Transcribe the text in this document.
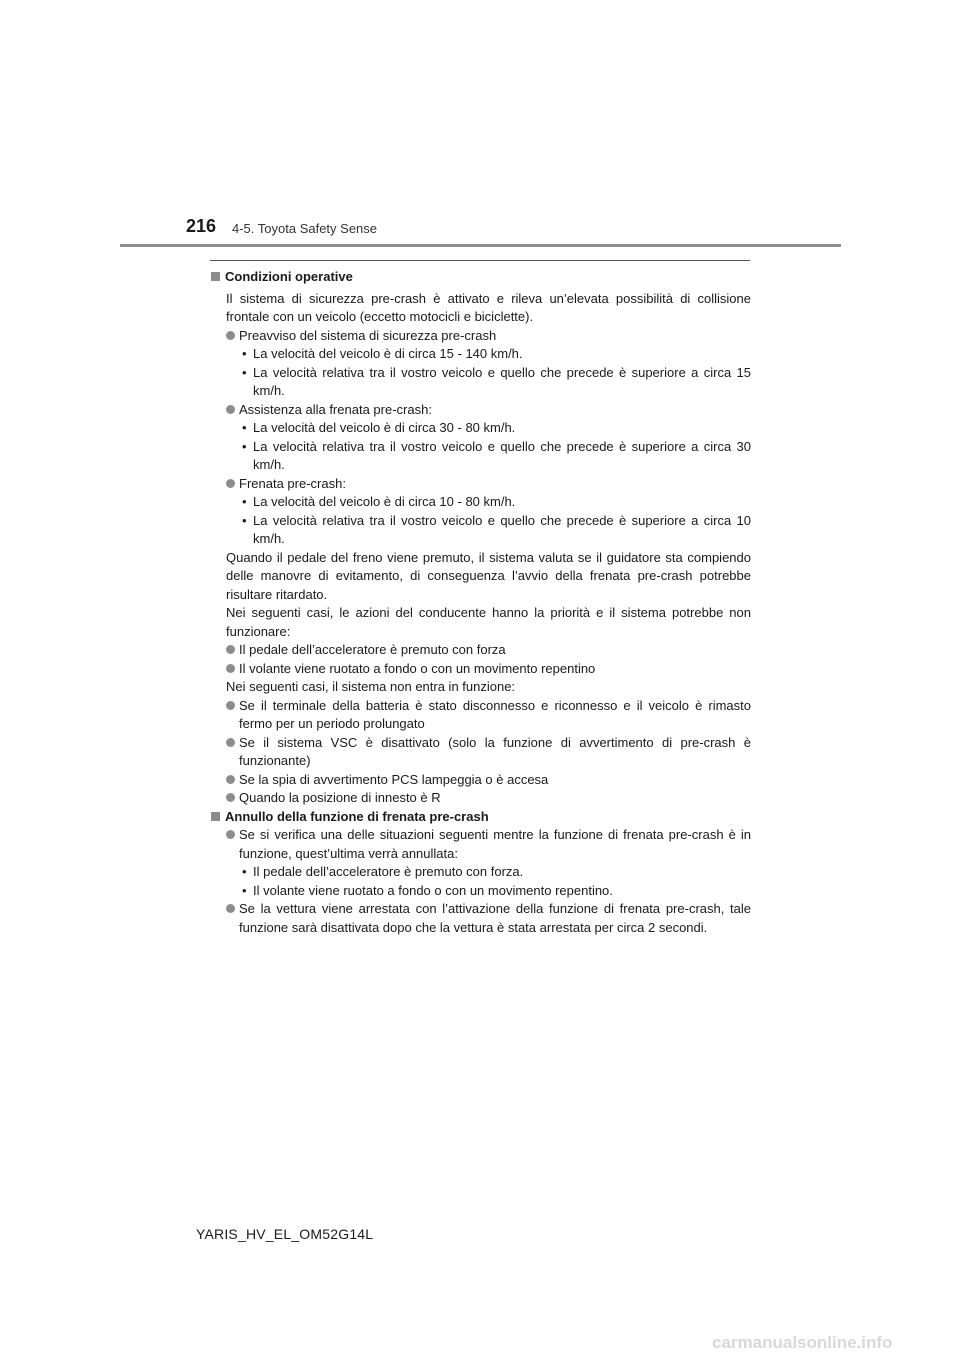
216 4-5. Toyota Safety Sense

Condizioni operative

Il sistema di sicurezza pre-crash è attivato e rileva un’elevata possibilità di collisione frontale con un veicolo (eccetto motocicli e biciclette).

Preavviso del sistema di sicurezza pre-crash

• La velocità del veicolo è di circa 15 - 140 km/h.

• La velocità relativa tra il vostro veicolo e quello che precede è superiore a circa 15 km/h.

Assistenza alla frenata pre-crash:

• La velocità del veicolo è di circa 30 - 80 km/h.

• La velocità relativa tra il vostro veicolo e quello che precede è superiore a circa 30 km/h.

Frenata pre-crash:

• La velocità del veicolo è di circa 10 - 80 km/h.

• La velocità relativa tra il vostro veicolo e quello che precede è superiore a circa 10 km/h.

Quando il pedale del freno viene premuto, il sistema valuta se il guidatore sta compiendo delle manovre di evitamento, di conseguenza l’avvio della frenata pre-crash potrebbe risultare ritardato.

Nei seguenti casi, le azioni del conducente hanno la priorità e il sistema potrebbe non funzionare:

Il pedale dell’acceleratore è premuto con forza

Il volante viene ruotato a fondo o con un movimento repentino

Nei seguenti casi, il sistema non entra in funzione:

Se il terminale della batteria è stato disconnesso e riconnesso e il veicolo è rimasto fermo per un periodo prolungato

Se il sistema VSC è disattivato (solo la funzione di avvertimento di pre-crash è funzionante)

Se la spia di avvertimento PCS lampeggia o è accesa

Quando la posizione di innesto è R

Annullo della funzione di frenata pre-crash

Se si verifica una delle situazioni seguenti mentre la funzione di frenata pre-crash è in funzione, quest’ultima verrà annullata:

• Il pedale dell’acceleratore è premuto con forza.

• Il volante viene ruotato a fondo o con un movimento repentino.

Se la vettura viene arrestata con l’attivazione della funzione di frenata pre-crash, tale funzione sarà disattivata dopo che la vettura è stata arrestata per circa 2 secondi.

YARIS_HV_EL_OM52G14L
carmanualsonline.info
